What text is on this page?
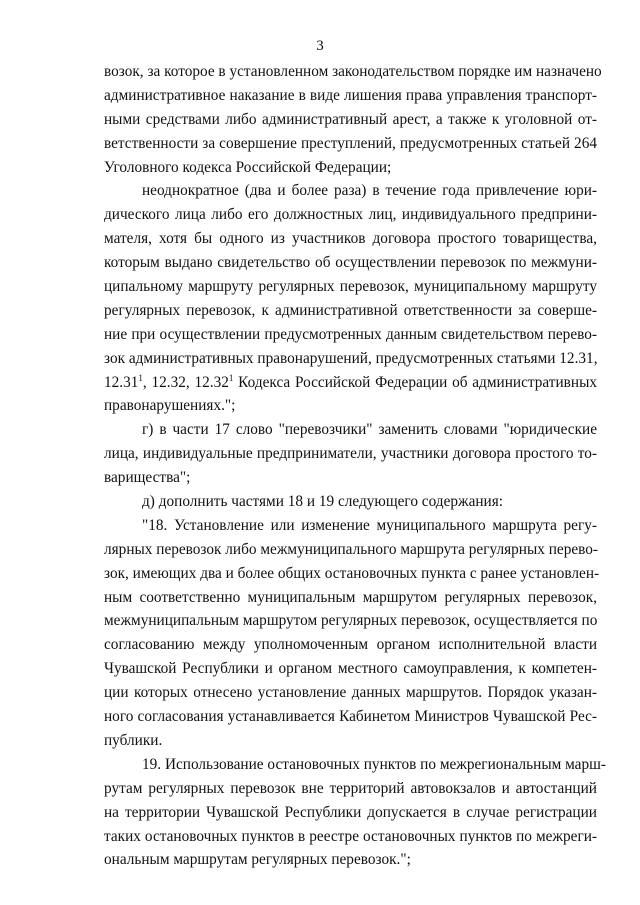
3
возок, за которое в установленном законодательством порядке им назначено
административное наказание в виде лишения права управления транспорт-
ными средствами либо административный арест, а также к уголовной от-
ветственности за совершение преступлений, предусмотренных статьей 264
Уголовного кодекса Российской Федерации;
неоднократное (два и более раза) в течение года привлечение юри-
дического лица либо его должностных лиц, индивидуального предприни-
мателя, хотя бы одного из участников договора простого товарищества,
которым выдано свидетельство об осуществлении перевозок по межмуни-
ципальному маршруту регулярных перевозок, муниципальному маршруту
регулярных перевозок, к административной ответственности за соверше-
ние при осуществлении предусмотренных данным свидетельством перево-
зок административных правонарушений, предусмотренных статьями 12.31,
12.31$^1$, 12.32, 12.32$^1$ Кодекса Российской Федерации об административных
правонарушениях.";
г) в части 17 слово "перевозчики" заменить словами "юридические
лица, индивидуальные предприниматели, участники договора простого то-
варищества";
д) дополнить частями 18 и 19 следующего содержания:
"18. Установление или изменение муниципального маршрута регу-
лярных перевозок либо межмуниципального маршрута регулярных перево-
зок, имеющих два и более общих остановочных пункта с ранее установлен-
ным соответственно муниципальным маршрутом регулярных перевозок,
межмуниципальным маршрутом регулярных перевозок, осуществляется по
согласованию между уполномоченным органом исполнительной власти
Чувашской Республики и органом местного самоуправления, к компетен-
ции которых отнесено установление данных маршрутов. Порядок указан-
ного согласования устанавливается Кабинетом Министров Чувашской Рес-
публики.
19. Использование остановочных пунктов по межрегиональным марш-
рутам регулярных перевозок вне территорий автовокзалов и автостанций
на территории Чувашской Республики допускается в случае регистрации
таких остановочных пунктов в реестре остановочных пунктов по межреги-
ональным маршрутам регулярных перевозок.";
